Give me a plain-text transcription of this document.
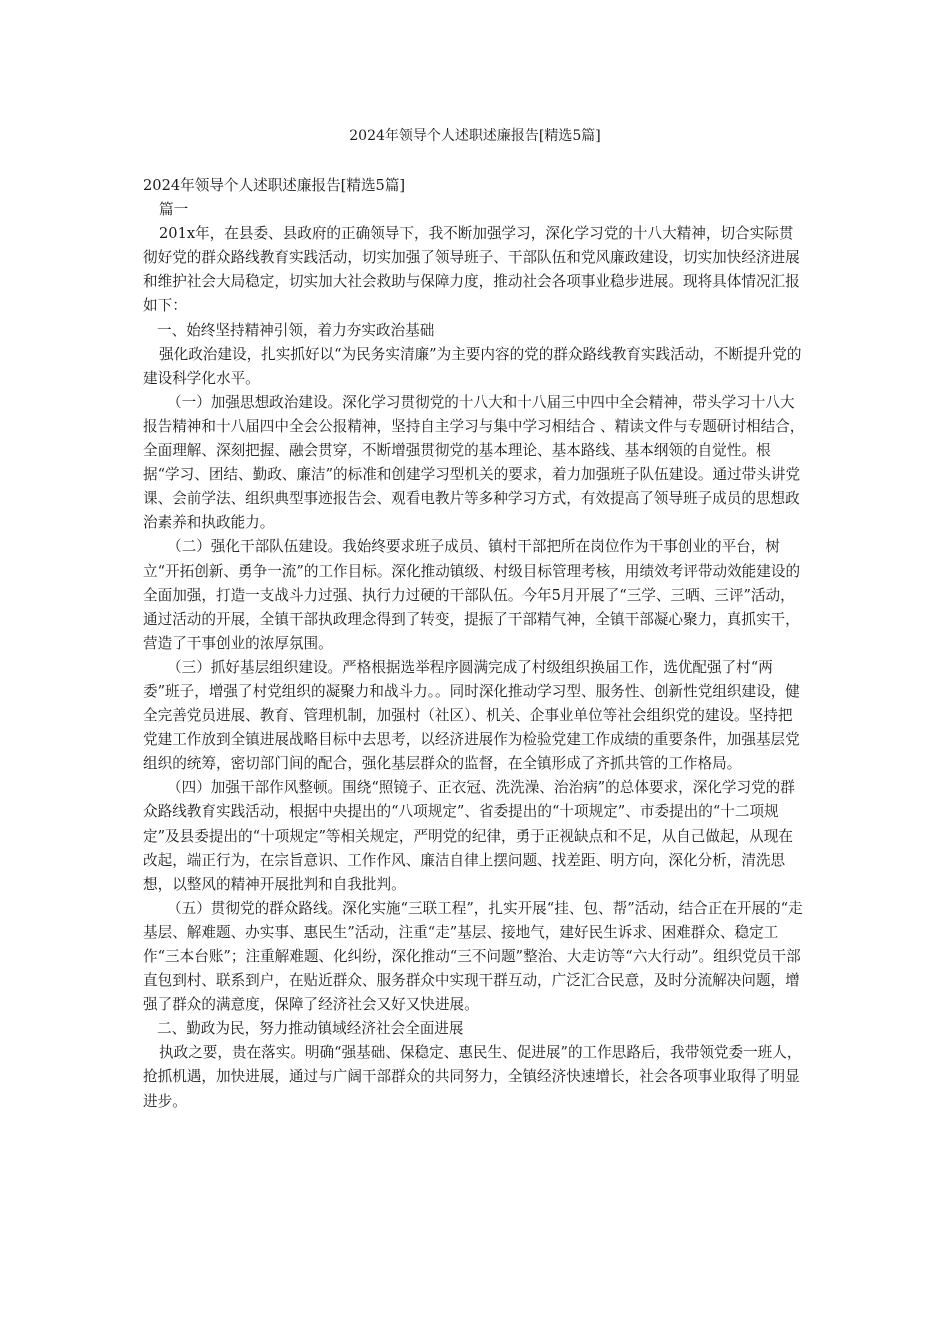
2024年领导个人述职述廉报告[精选5篇]

2024年领导个人述职述廉报告[精选5篇]

篇一

201x年，在县委、县政府的正确领导下，我不断加强学习，深化学习党的十八大精神，切合实际贯彻好党的群众路线教育实践活动，切实加强了领导班子、干部队伍和党风廉政建设，切实加快经济进展和维护社会大局稳定，切实加大社会救助与保障力度，推动社会各项事业稳步进展。现将具体情况汇报如下：

一、始终坚持精神引领，着力夯实政治基础

强化政治建设，扎实抓好以“为民务实清廉”为主要内容的党的群众路线教育实践活动，不断提升党的建设科学化水平。

（一）加强思想政治建设。深化学习贯彻党的十八大和十八届三中四中全会精神，带头学习十八大报告精神和十八届四中全会公报精神，坚持自主学习与集中学习相结合 、精读文件与专题研讨相结合，全面理解、深刻把握、融会贯穿，不断增强贯彻党的基本理论、基本路线、基本纲领的自觉性。根据“学习、团结、勤政、廉洁”的标准和创建学习型机关的要求，着力加强班子队伍建设。通过带头讲党课、会前学法、组织典型事迹报告会、观看电教片等多种学习方式，有效提高了领导班子成员的思想政治素养和执政能力。

（二）强化干部队伍建设。我始终要求班子成员、镇村干部把所在岗位作为干事创业的平台，树立“开拓创新、勇争一流”的工作目标。深化推动镇级、村级目标管理考核，用绩效考评带动效能建设的全面加强，打造一支战斗力过强、执行力过硬的干部队伍。今年5月开展了“三学、三晒、三评”活动，通过活动的开展，全镇干部执政理念得到了转变，提振了干部精气神，全镇干部凝心聚力，真抓实干，营造了干事创业的浓厚氛围。

（三）抓好基层组织建设。严格根据选举程序圆满完成了村级组织换届工作，选优配强了村“两委”班子，增强了村党组织的凝聚力和战斗力。。同时深化推动学习型、服务性、创新性党组织建设，健全完善党员进展、教育、管理机制，加强村（社区）、机关、企事业单位等社会组织党的建设。坚持把党建工作放到全镇进展战略目标中去思考，以经济进展作为检验党建工作成绩的重要条件，加强基层党组织的统筹，密切部门间的配合，强化基层群众的监督，在全镇形成了齐抓共管的工作格局。

（四）加强干部作风整顿。围绕“照镜子、正衣冠、洗洗澡、治治病”的总体要求，深化学习党的群众路线教育实践活动，根据中央提出的“八项规定”、省委提出的“十项规定”、市委提出的“十二项规定”及县委提出的“十项规定”等相关规定，严明党的纪律，勇于正视缺点和不足，从自己做起，从现在改起，端正行为，在宗旨意识、工作作风、廉洁自律上摆问题、找差距、明方向，深化分析，清洗思想，以整风的精神开展批判和自我批判。

（五）贯彻党的群众路线。深化实施“三联工程”，扎实开展“挂、包、帮”活动，结合正在开展的“走基层、解难题、办实事、惠民生”活动，注重“走”基层、接地气，建好民生诉求、困难群众、稳定工作“三本台账”；注重解难题、化纠纷，深化推动“三不问题”整治、大走访等“六大行动”。组织党员干部直包到村、联系到户，在贴近群众、服务群众中实现干群互动，广泛汇合民意，及时分流解决问题，增强了群众的满意度，保障了经济社会又好又快进展。

二、勤政为民，努力推动镇域经济社会全面进展

执政之要，贵在落实。明确“强基础、保稳定、惠民生、促进展”的工作思路后，我带领党委一班人，抢抓机遇，加快进展，通过与广阔干部群众的共同努力，全镇经济快速增长，社会各项事业取得了明显进步。
